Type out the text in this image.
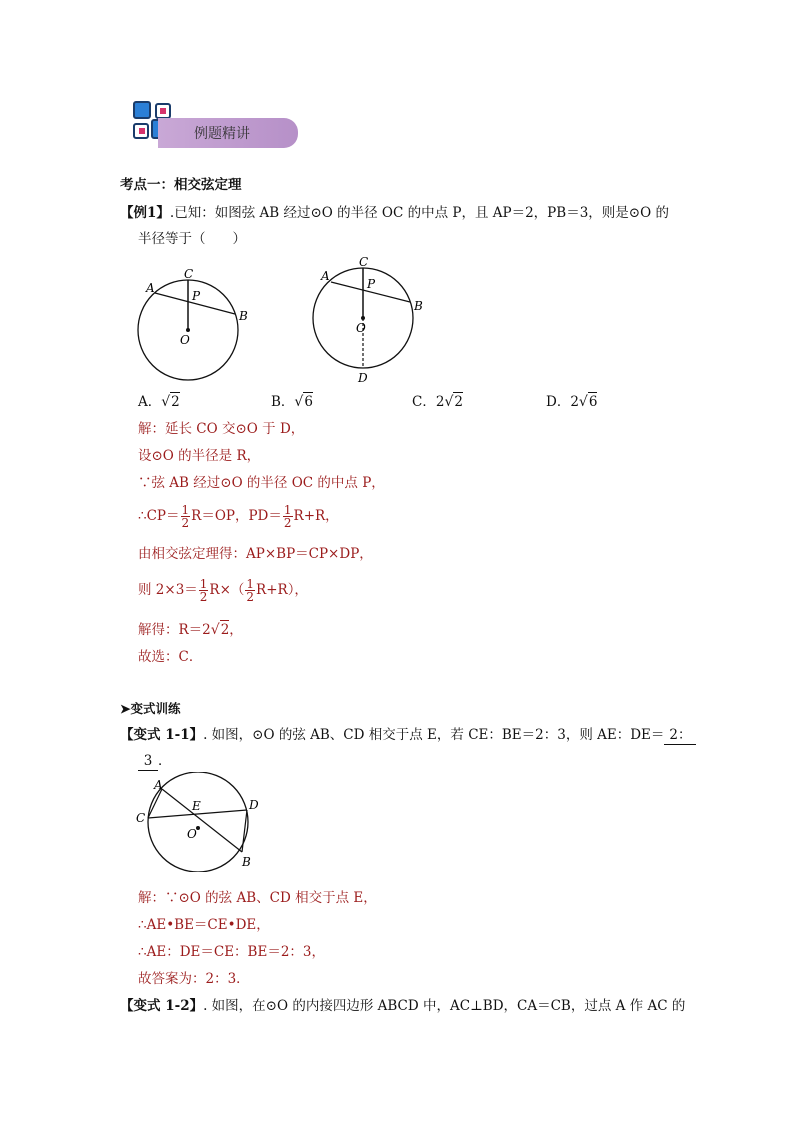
例题精讲
考点一：相交弦定理
【例1】.已知：如图弦 AB 经过⊙O 的半径 OC 的中点 P，且 AP＝2，PB＝3，则是⊙O 的
半径等于（　　）
C
A
P
B
O
C
A
P
B
O
D
A．√2	B．√6	C．2√2	D．2√6
解：延长 CO 交⊙O 于 D，
设⊙O 的半径是 R，
∵弦 AB 经过⊙O 的半径 OC 的中点 P，
∴CP＝ $\frac{1}{2} R=OP$，$PD= \frac{1}{2} R+R$，
由相交弦定理得：AP×BP＝CP×DP，
则 $2\times 3= \frac{1}{2} R\times( \frac{1}{2} R+R)$，
解得：R＝2√2，
故选：C．
➤变式训练
【变式 1-1】. 如图，⊙O 的弦 AB、CD 相交于点 E，若 CE：BE＝2：3，则 AE：DE＝ 2：
3 ．
A
C
E	D
O
B
解：∵⊙O 的弦 AB、CD 相交于点 E，
∴AE•BE＝CE•DE，
∴AE：DE＝CE：BE＝2：3，
故答案为：2：3．
【变式 1-2】. 如图，在⊙O 的内接四边形 ABCD 中，AC⊥BD，CA＝CB，过点 A 作 AC 的
